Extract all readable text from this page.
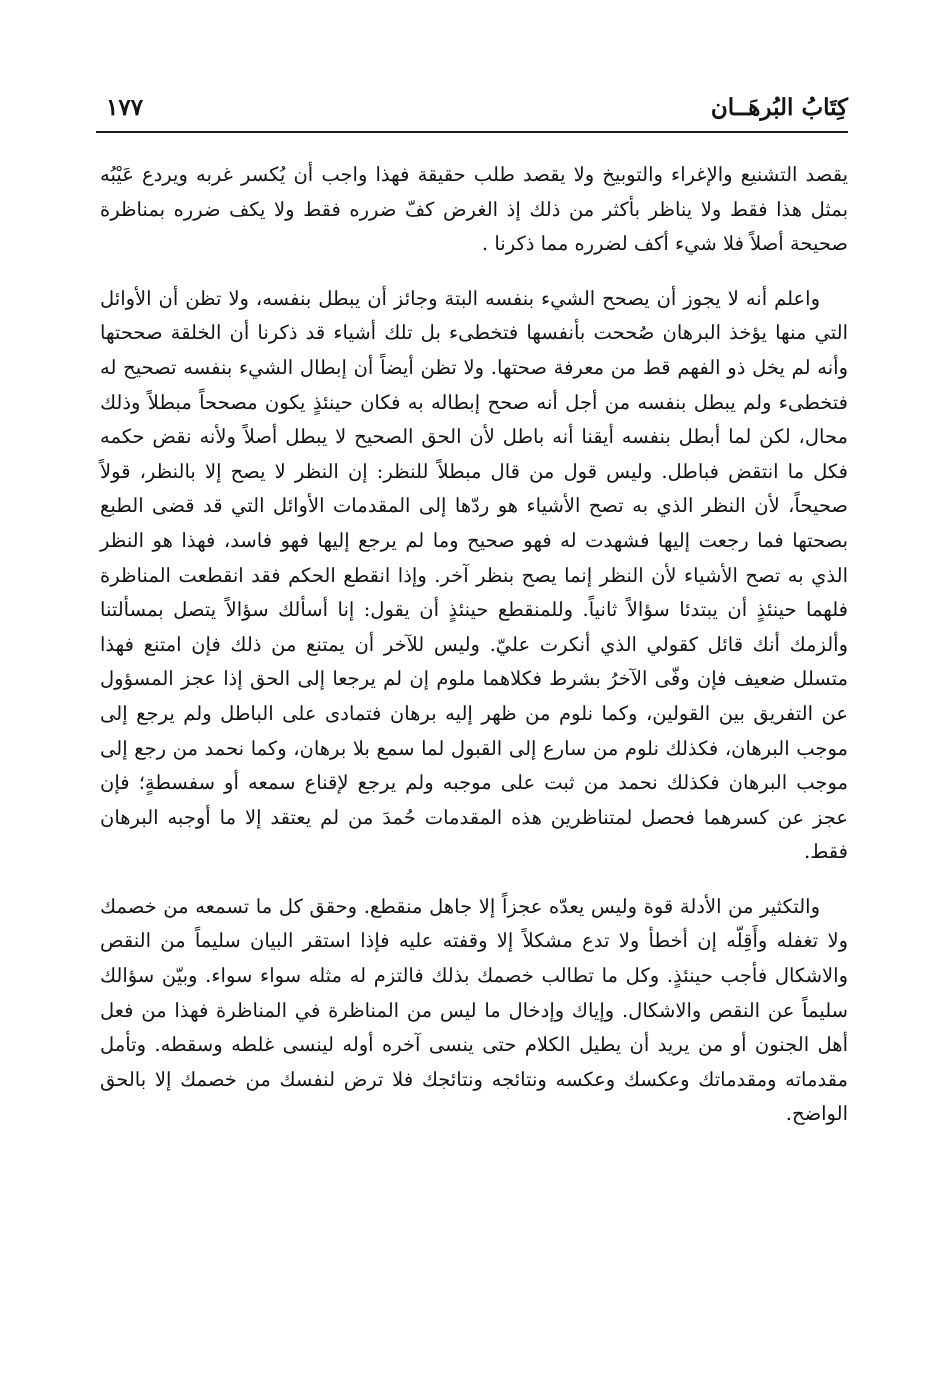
كِتَابُ البُرهَــان
١٧٧

يقصد التشنيع والإغراء والتوبيخ ولا يقصد طلب حقيقة فهذا واجب أن يُكسر غربه ويردع عَيْبُه بمثل هذا فقط ولا يناظر بأكثر من ذلك إذ الغرض كفّ ضرره فقط ولا يكف ضرره بمناظرة صحيحة أصلاً فلا شيء أكف لضرره مما ذكرنا .

واعلم أنه لا يجوز أن يصحح الشيء بنفسه البتة وجائز أن يبطل بنفسه، ولا تظن أن الأوائل التي منها يؤخذ البرهان صُححت بأنفسها فتخطىء بل تلك أشياء قد ذكرنا أن الخلقة صححتها وأنه لم يخل ذو الفهم قط من معرفة صحتها. ولا تظن أيضاً أن إبطال الشيء بنفسه تصحيح له فتخطىء ولم يبطل بنفسه من أجل أنه صحح إبطاله به فكان حينئذٍ يكون مصححاً مبطلاً وذلك محال، لكن لما أبطل بنفسه أيقنا أنه باطل لأن الحق الصحيح لا يبطل أصلاً ولأنه نقض حكمه فكل ما انتقض فباطل. وليس قول من قال مبطلاً للنظر: إن النظر لا يصح إلا بالنظر، قولاً صحيحاً، لأن النظر الذي به تصح الأشياء هو ردّها إلى المقدمات الأوائل التي قد قضى الطبع بصحتها فما رجعت إليها فشهدت له فهو صحيح وما لم يرجع إليها فهو فاسد، فهذا هو النظر الذي به تصح الأشياء لأن النظر إنما يصح بنظر آخر. وإذا انقطع الحكم فقد انقطعت المناظرة فلهما حينئذٍ أن يبتدئا سؤالاً ثانياً. وللمنقطع حينئذٍ أن يقول: إنا أسألك سؤالاً يتصل بمسألتنا وألزمك أنك قائل كقولي الذي أنكرت عليّ. وليس للآخر أن يمتنع من ذلك فإن امتنع فهذا متسلل ضعيف فإن وفّى الآخرُ بشرط فكلاهما ملوم إن لم يرجعا إلى الحق إذا عجز المسؤول عن التفريق بين القولين، وكما نلوم من ظهر إليه برهان فتمادى على الباطل ولم يرجع إلى موجب البرهان، فكذلك نلوم من سارع إلى القبول لما سمع بلا برهان، وكما نحمد من رجع إلى موجب البرهان فكذلك نحمد من ثبت على موجبه ولم يرجع لإقناع سمعه أو سفسطةٍ؛ فإن عجز عن كسرهما فحصل لمتناظرين هذه المقدمات حُمدَ من لم يعتقد إلا ما أوجبه البرهان فقط.

والتكثير من الأدلة قوة وليس يعدّه عجزاً إلا جاهل منقطع. وحقق كل ما تسمعه من خصمك ولا تغفله وأَقِلّه إن أخطأ ولا تدع مشكلاً إلا وقفته عليه فإذا استقر البيان سليماً من النقص والاشكال فأجب حينئذٍ. وكل ما تطالب خصمك بذلك فالتزم له مثله سواء سواء. وبيّن سؤالك سليماً عن النقص والاشكال. وإياك وإدخال ما ليس من المناظرة في المناظرة فهذا من فعل أهل الجنون أو من يريد أن يطيل الكلام حتى ينسى آخره أوله لينسى غلطه وسقطه. وتأمل مقدماته ومقدماتك وعكسك وعكسه ونتائجه ونتائجك فلا ترض لنفسك من خصمك إلا بالحق الواضح.
